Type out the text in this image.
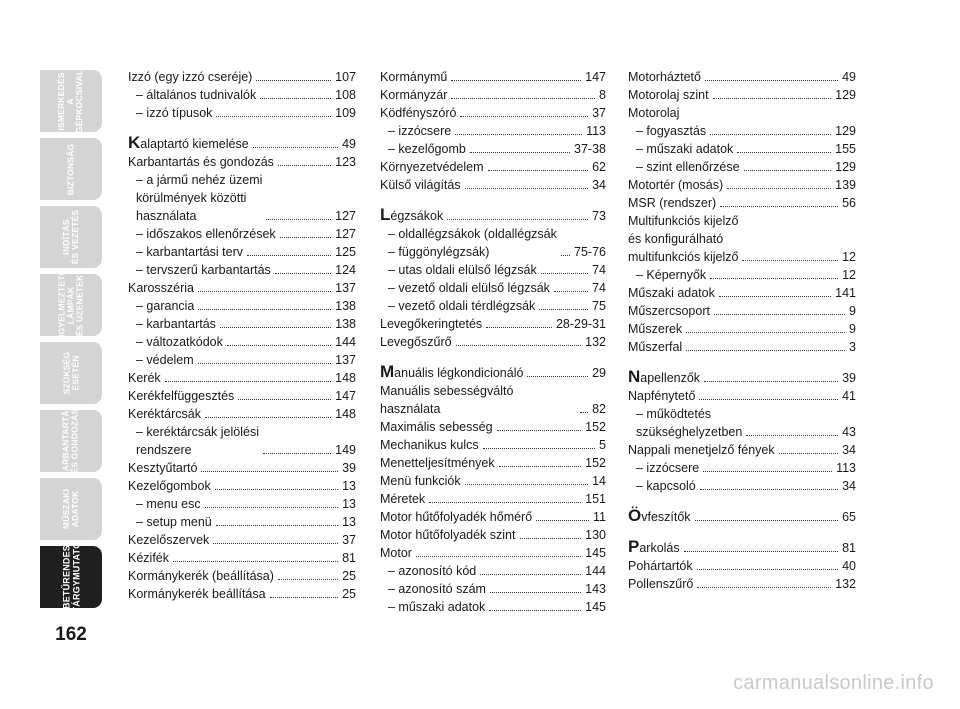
ISMERKEDÉS
A GÉPKOCSIVAL
BIZTONSÁG
INDÍTÁS
ÉS VEZETÉS
FIGYELMEZTETŐ
LÁMPÁK
ÉS ÜZENETEK
SZÜKSÉG
ESETÉN
KARBANTARTÁS
ÉS GONDOZÁS
MŰSZAKI
ADATOK
BETŰRENDES
TÁRGYMUTATÓ
162
Izzó (egy izzó cseréje)	107
– általános tudnivalók	108
– izzó típusok	109
Kalaptartó kiemelése	49
Karbantartás és gondozás	123
– a jármű nehéz üzemi
körülmények közötti
használata	127
– időszakos ellenőrzések	127
– karbantartási terv	125
– tervszerű karbantartás	124
Karosszéria	137
– garancia	138
– karbantartás	138
– változatkódok	144
– védelem	137
Kerék	148
Kerékfelfüggesztés	147
Keréktárcsák	148
– keréktárcsák jelölési
rendszere	149
Kesztyűtartó	39
Kezelőgombok	13
– menu esc	13
– setup menü	13
Kezelőszervek	37
Kézifék	81
Kormánykerék (beállítása)	25
Kormánykerék beállítása	25
Kormánymű	147
Kormányzár	8
Ködfényszóró	37
– izzócsere	113
– kezelőgomb	37-38
Környezetvédelem	62
Külső világítás	34
Légzsákok	73
– oldallégzsákok (oldallégzsák
– függönylégzsák)	75-76
– utas oldali elülső légzsák	74
– vezető oldali elülső légzsák	74
– vezető oldali térdlégzsák	75
Levegőkeringtetés	28-29-31
Levegőszűrő	132
Manuális légkondicionáló	29
Manuális sebességváltó használata	82
Maximális sebesség	152
Mechanikus kulcs	5
Menetteljesítmények	152
Menü funkciók	14
Méretek	151
Motor hűtőfolyadék hőmérő	11
Motor hűtőfolyadék szint	130
Motor	145
– azonosító kód	144
– azonosító szám	143
– műszaki adatok	145
Motorháztető	49
Motorolaj szint	129
Motorolaj
– fogyasztás	129
– műszaki adatok	155
– szint ellenőrzése	129
Motortér (mosás)	139
MSR (rendszer)	56
Multifunkciós kijelző
és konfigurálható
multifunkciós kijelző	12
– Képernyők	12
Műszaki adatok	141
Műszercsoport	9
Műszerek	9
Műszerfal	3
Napellenzők	39
Napfénytető	41
– működtetés
szükséghelyzetben	43
Nappali menetjelző fények	34
– izzócsere	113
– kapcsoló	34
Övfeszítők	65
Parkolás	81
Pohártartók	40
Pollenszűrő	132
carmanualsonline.info
